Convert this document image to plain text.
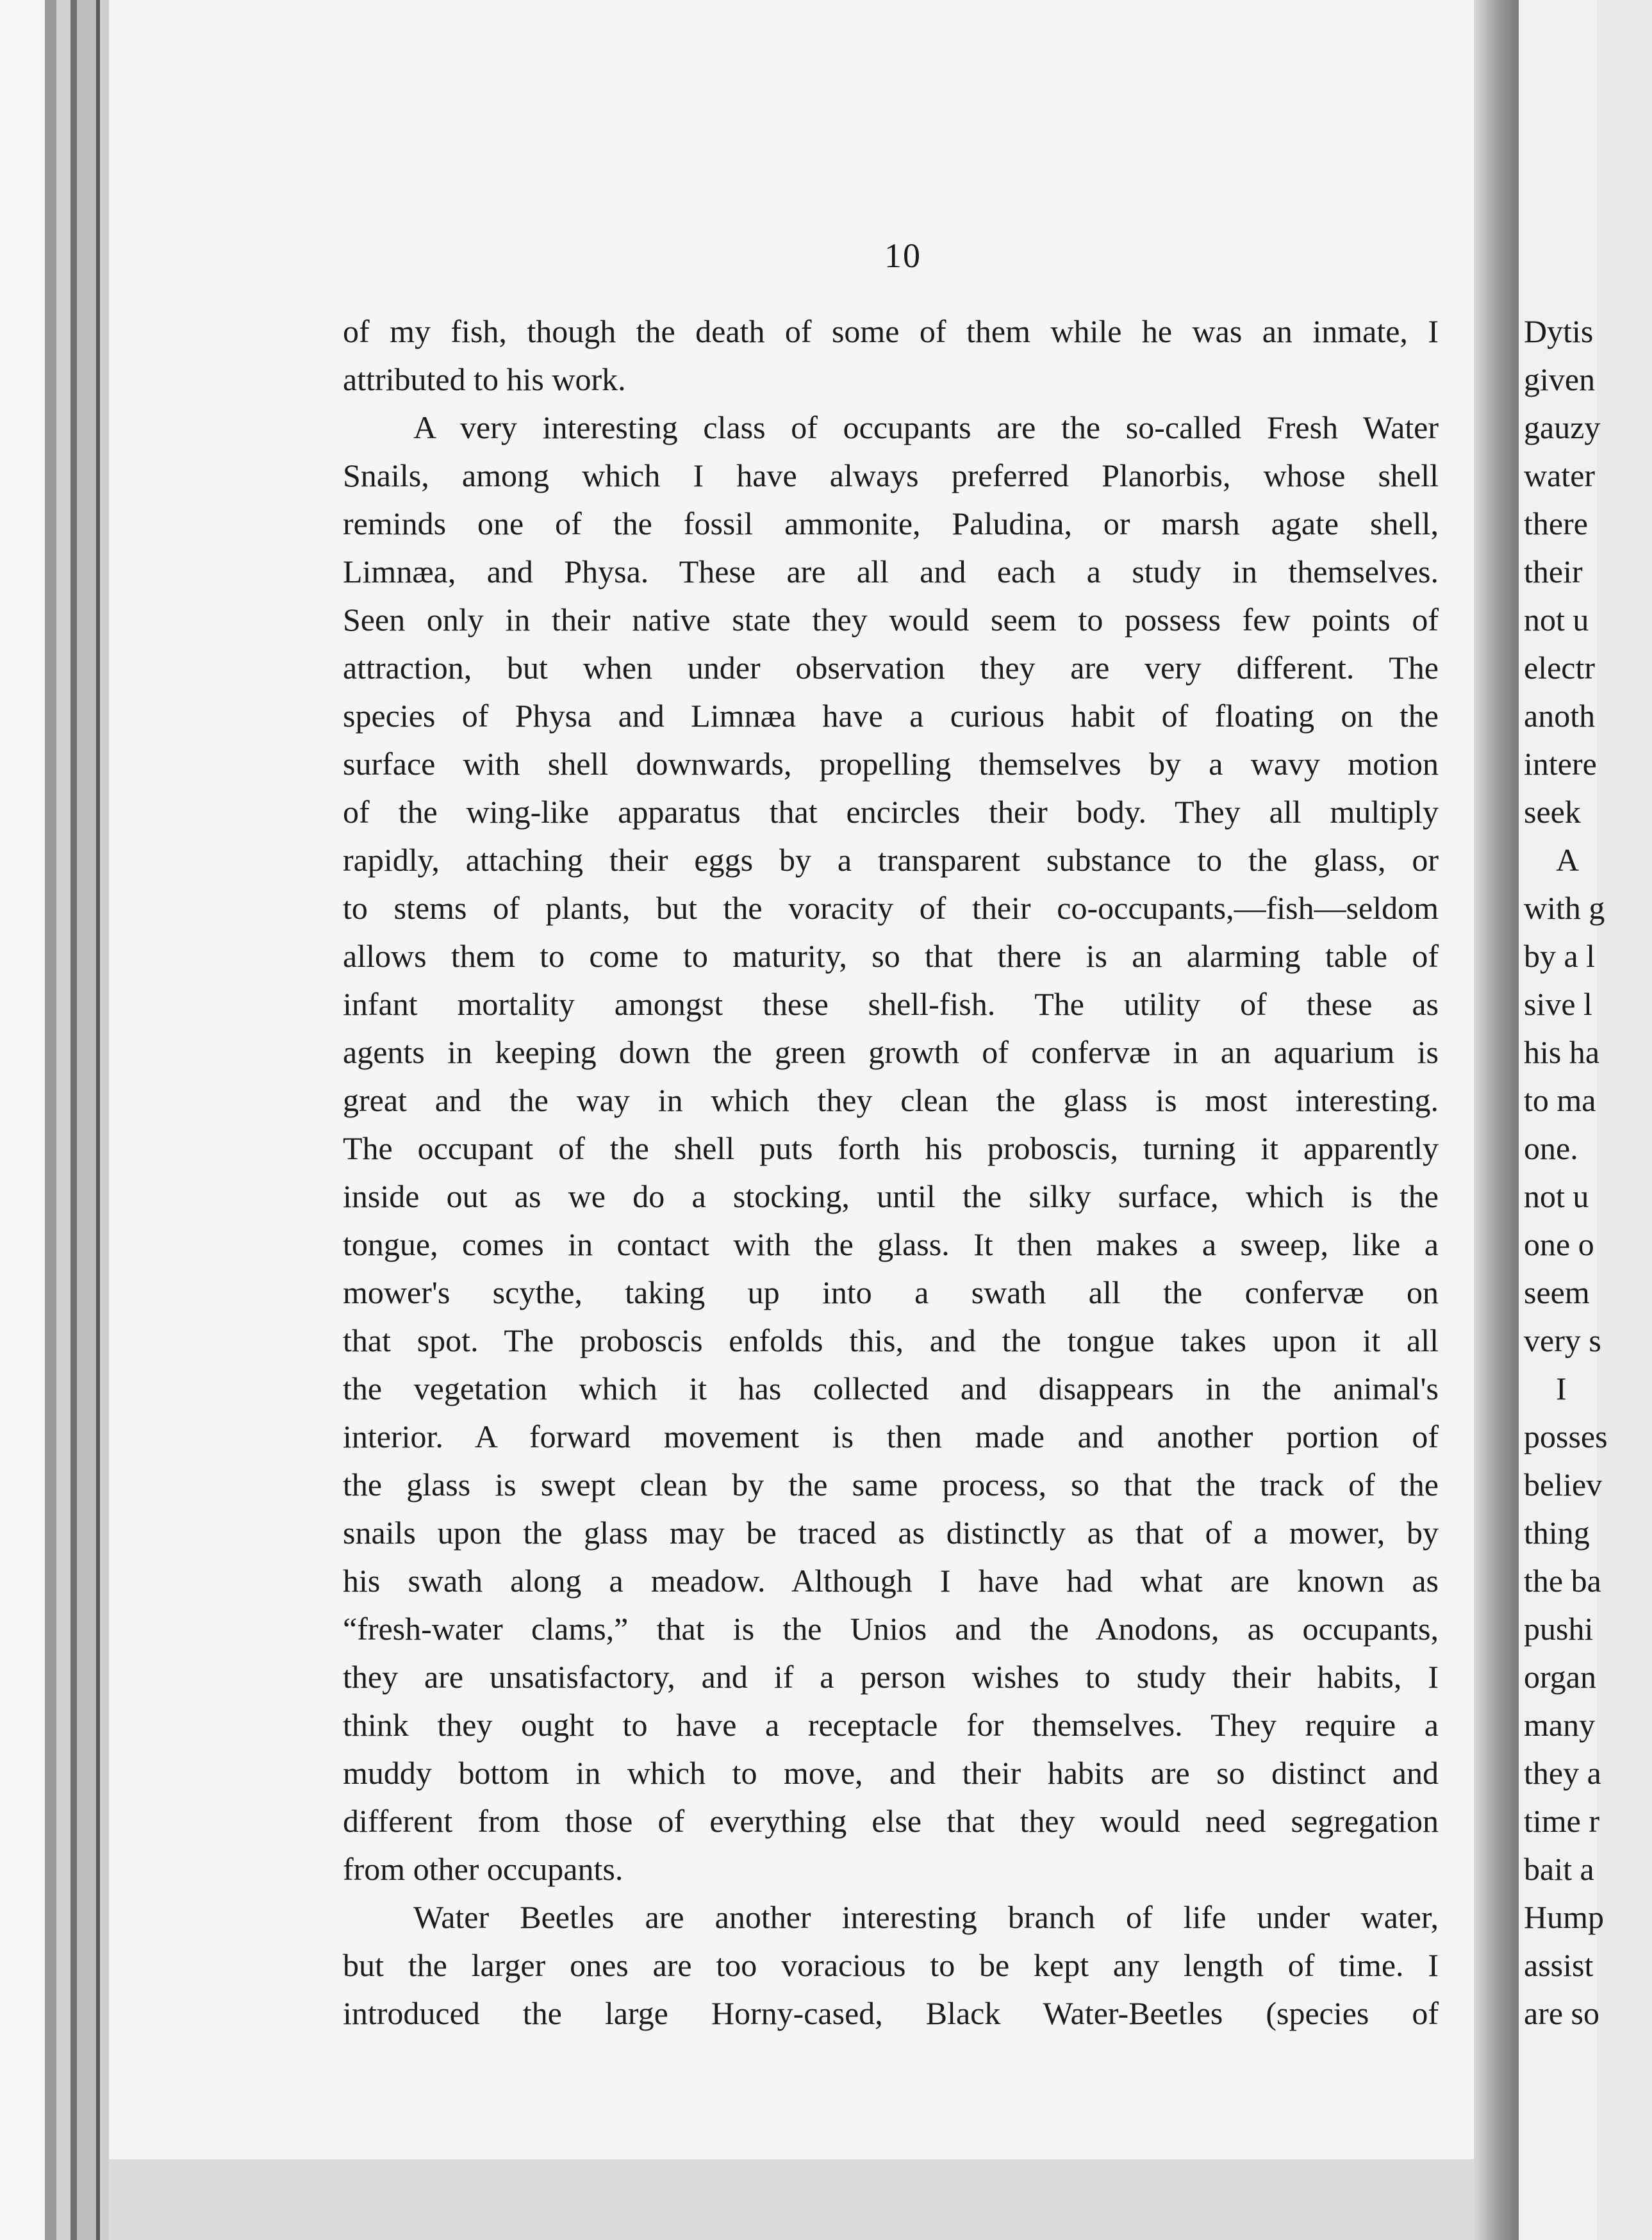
10
of my fish, though the death of some of them while he was an inmate, I
attributed to his work.
A very interesting class of occupants are the so-called Fresh Water
Snails, among which I have always preferred Planorbis, whose shell
reminds one of the fossil ammonite, Paludina, or marsh agate shell,
Limnæa, and Physa. These are all and each a study in themselves.
Seen only in their native state they would seem to possess few points of
attraction, but when under observation they are very different. The
species of Physa and Limnæa have a curious habit of floating on the
surface with shell downwards, propelling themselves by a wavy motion
of the wing-like apparatus that encircles their body. They all multiply
rapidly, attaching their eggs by a transparent substance to the glass, or
to stems of plants, but the voracity of their co-occupants,—fish—seldom
allows them to come to maturity, so that there is an alarming table of
infant mortality amongst these shell-fish. The utility of these as
agents in keeping down the green growth of confervæ in an aquarium is
great and the way in which they clean the glass is most interesting.
The occupant of the shell puts forth his proboscis, turning it apparently
inside out as we do a stocking, until the silky surface, which is the
tongue, comes in contact with the glass. It then makes a sweep, like a
mower's scythe, taking up into a swath all the confervæ on
that spot. The proboscis enfolds this, and the tongue takes upon it all
the vegetation which it has collected and disappears in the animal's
interior. A forward movement is then made and another portion of
the glass is swept clean by the same process, so that the track of the
snails upon the glass may be traced as distinctly as that of a mower, by
his swath along a meadow. Although I have had what are known as
“fresh-water clams,” that is the Unios and the Anodons, as occupants,
they are unsatisfactory, and if a person wishes to study their habits, I
think they ought to have a receptacle for themselves. They require a
muddy bottom in which to move, and their habits are so distinct and
different from those of everything else that they would need segregation
from other occupants.
Water Beetles are another interesting branch of life under water,
but the larger ones are too voracious to be kept any length of time. I
introduced the large Horny-cased, Black Water-Beetles (species of
Dytis
given
gauzy
water
there
their
not u
electr
anoth
intere
seek
A
with g
by a l
sive l
his ha
to ma
one.
not u
one o
seem
very s
I
posses
believ
thing
the ba
pushi
organ
many
they a
time r
bait a
Hump
assist
are so
